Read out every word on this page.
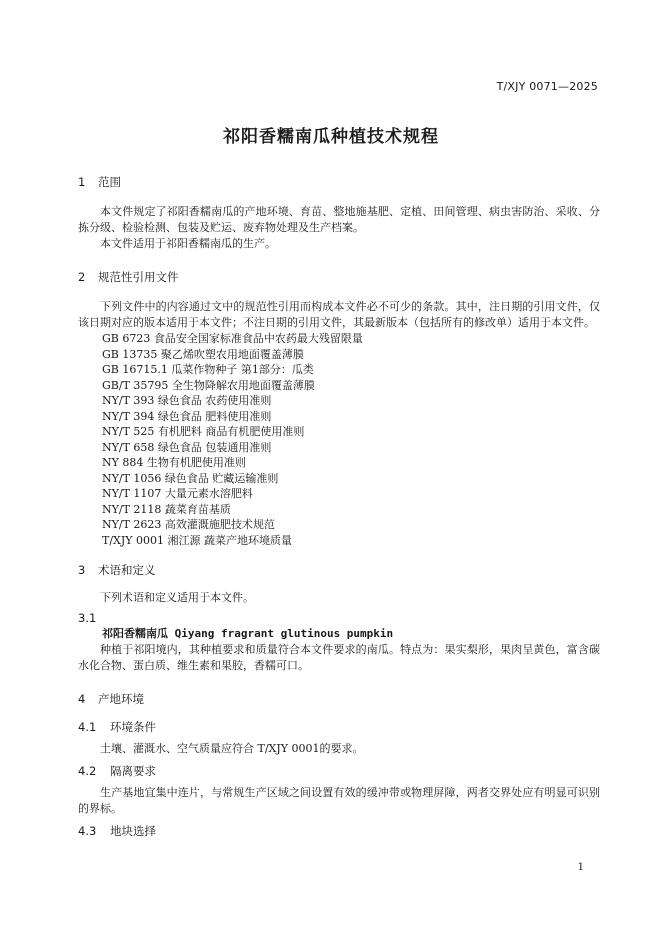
T/XJY 0071—2025
祁阳香糯南瓜种植技术规程
1	范围
本文件规定了祁阳香糯南瓜的产地环境、育苗、整地施基肥、定植、田间管理、病虫害防治、采收、分拣分级、检验检测、包装及贮运、废弃物处理及生产档案。
本文件适用于祁阳香糯南瓜的生产。
2	规范性引用文件
下列文件中的内容通过文中的规范性引用而构成本文件必不可少的条款。其中，注日期的引用文件，仅该日期对应的版本适用于本文件；不注日期的引用文件，其最新版本（包括所有的修改单）适用于本文件。
GB 6723 食品安全国家标准食品中农药最大残留限量
GB 13735 聚乙烯吹塑农用地面覆盖薄膜
GB 16715.1 瓜菜作物种子 第1部分：瓜类
GB/T 35795 全生物降解农用地面覆盖薄膜
NY/T 393 绿色食品 农药使用准则
NY/T 394 绿色食品 肥料使用准则
NY/T 525 有机肥料 商品有机肥使用准则
NY/T 658 绿色食品 包装通用准则
NY 884 生物有机肥使用准则
NY/T 1056 绿色食品 贮藏运输准则
NY/T 1107 大量元素水溶肥料
NY/T 2118 蔬菜育苗基质
NY/T 2623 高效灌溉施肥技术规范
T/XJY 0001 湘江源 蔬菜产地环境质量
3	术语和定义
下列术语和定义适用于本文件。
3.1
祁阳香糯南瓜 Qiyang fragrant glutinous pumpkin
种植于祁阳境内，其种植要求和质量符合本文件要求的南瓜。特点为：果实梨形，果肉呈黄色，富含碳水化合物、蛋白质、维生素和果胶，香糯可口。
4	产地环境
4.1	环境条件
土壤、灌溉水、空气质量应符合 T/XJY 0001的要求。
4.2	隔离要求
生产基地宜集中连片，与常规生产区域之间设置有效的缓冲带或物理屏障，两者交界处应有明显可识别的界标。
4.3	地块选择
1
